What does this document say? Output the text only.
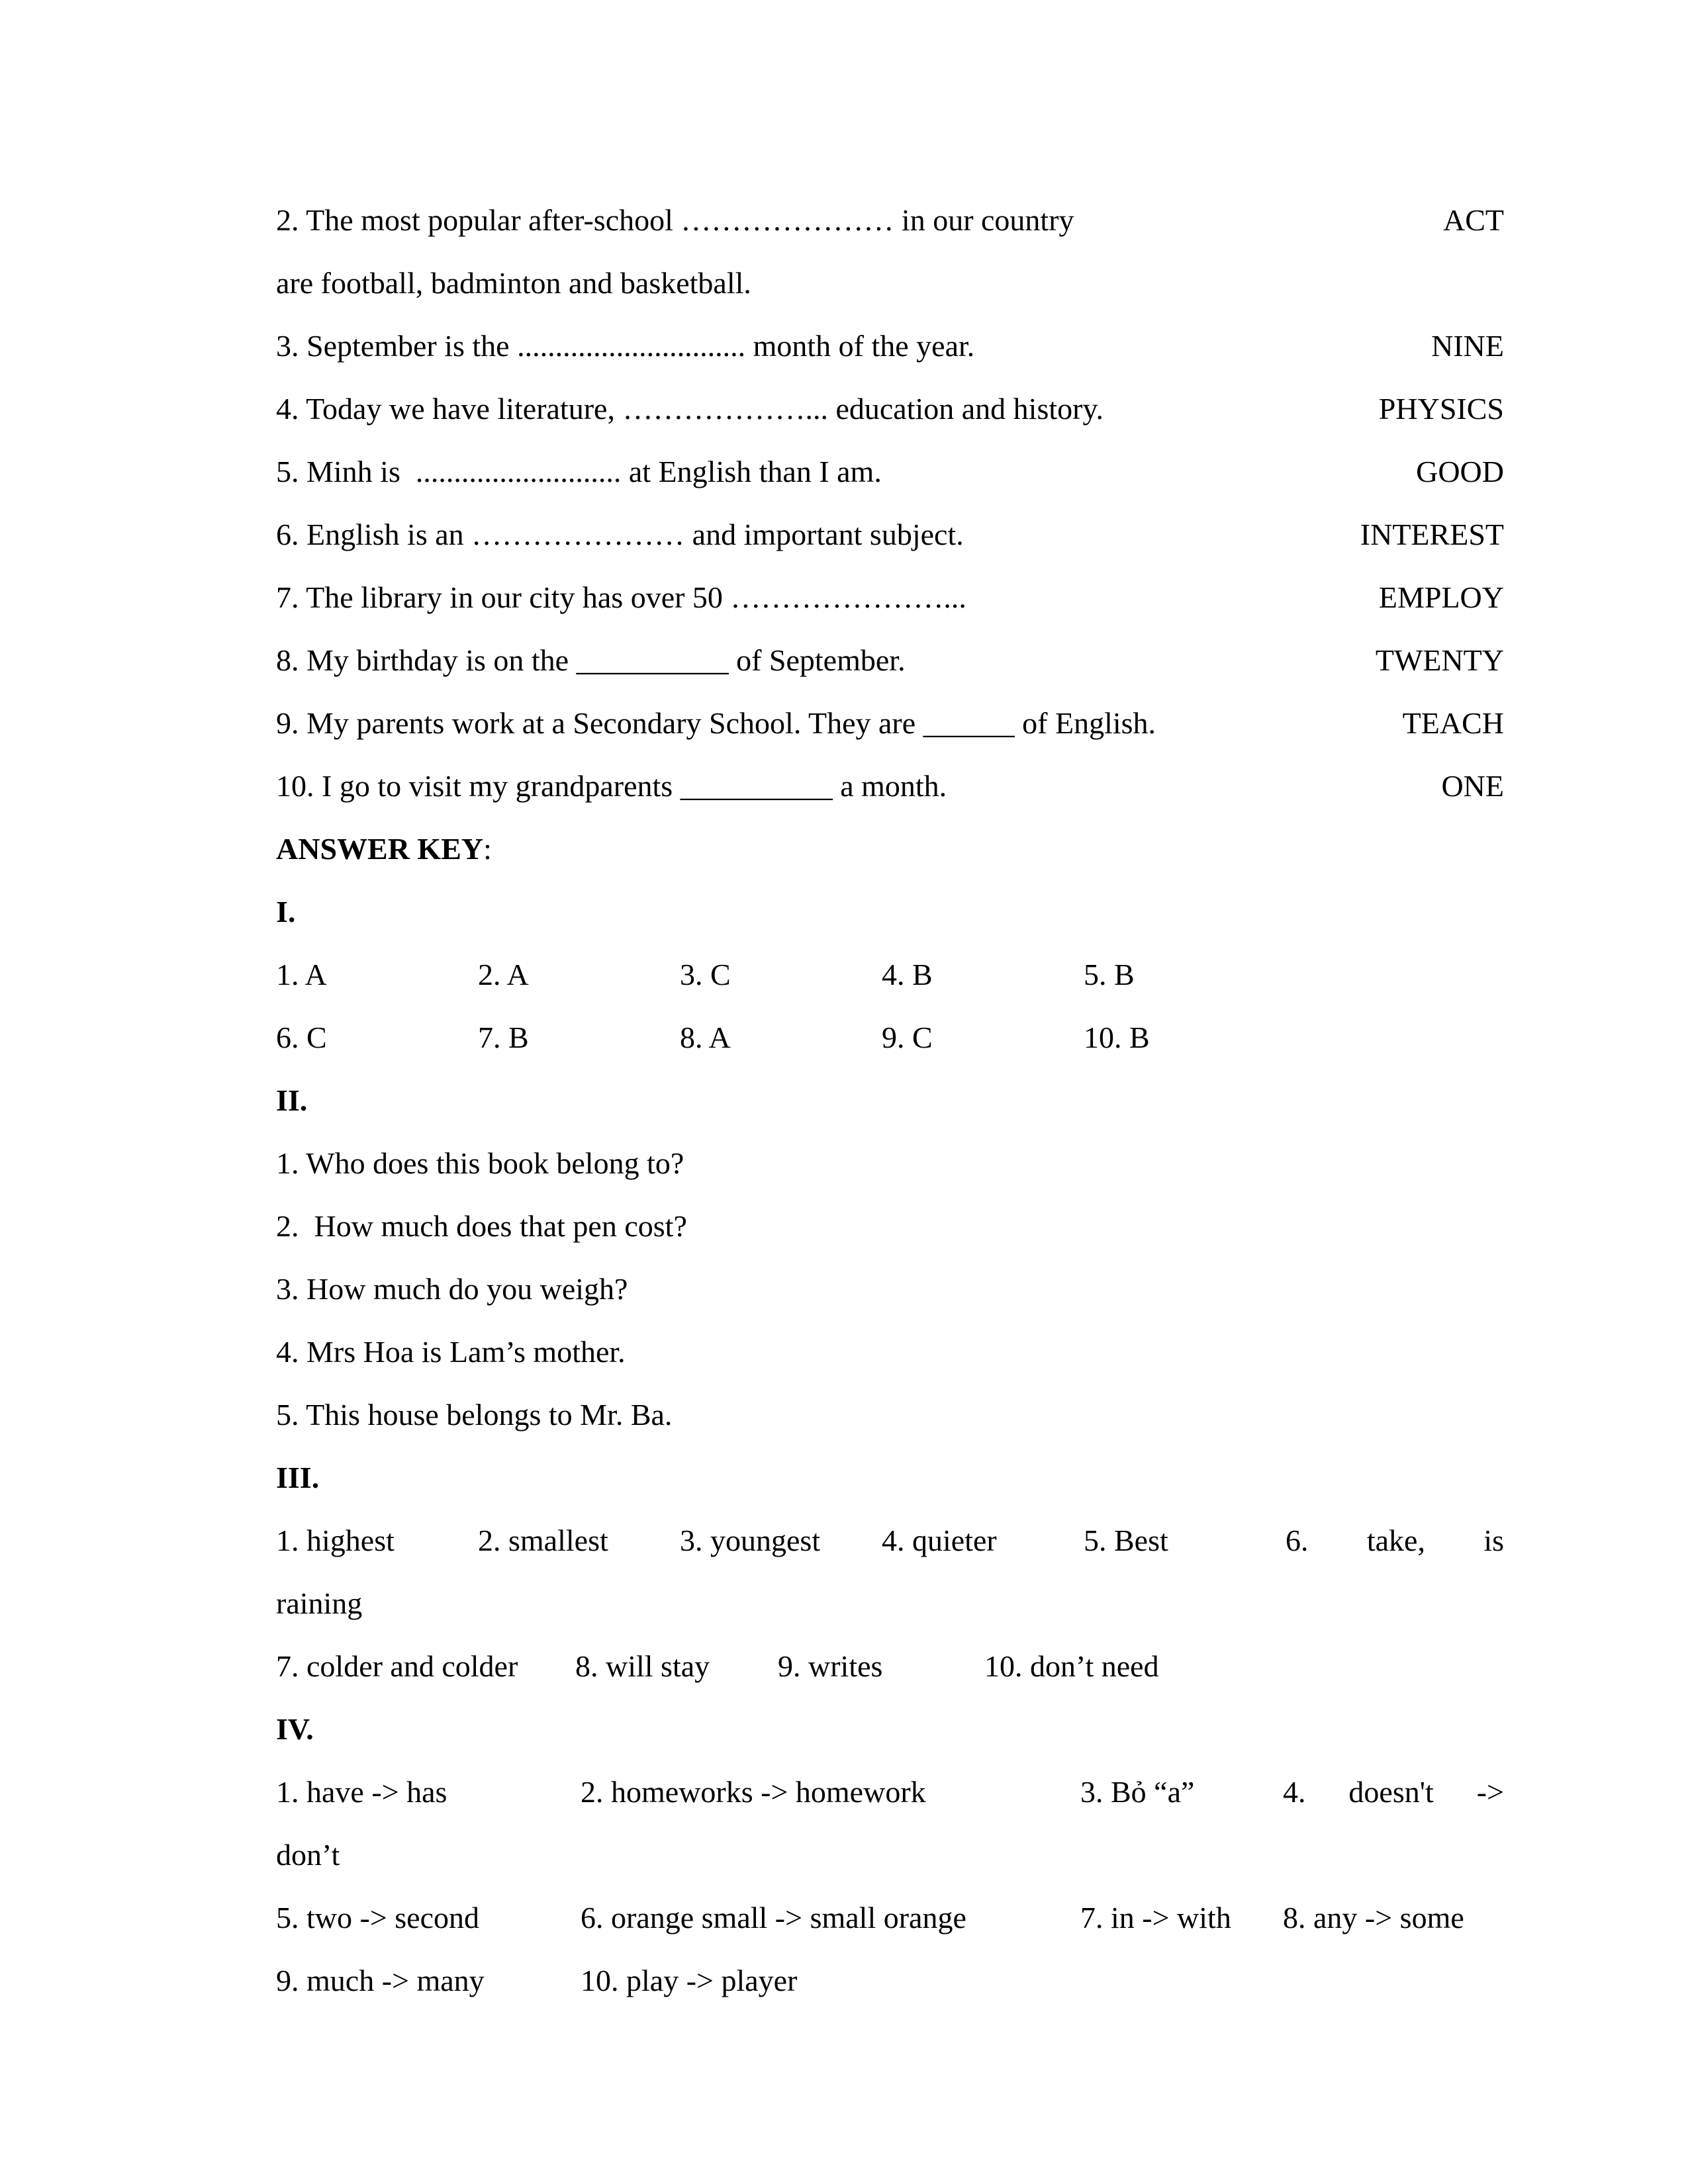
2. The most popular after-school ………………… in our country	ACT
are football, badminton and basketball.
3. September is the .............................. month of the year.	NINE
4. Today we have literature, ………………... education and history.	PHYSICS
5. Minh is  ........................... at English than I am.	GOOD
6. English is an ………………… and important subject.	INTEREST
7. The library in our city has over 50 …………………...	EMPLOY
8. My birthday is on the __________ of September.	TWENTY
9. My parents work at a Secondary School. They are ______ of English.	TEACH
10. I go to visit my grandparents __________ a month.	ONE
ANSWER KEY:
I.
1. A	2. A	3. C	4. B	5. B
6. C	7. B	8. A	9. C	10. B
II.
1. Who does this book belong to?
2.  How much does that pen cost?
3. How much do you weigh?
4. Mrs Hoa is Lam’s mother.
5. This house belongs to Mr. Ba.
III.
1. highest	2. smallest	3. youngest	4. quieter	5. Best	6. take, is
raining
7. colder and colder	8. will stay	9. writes	10. don’t need
IV.
1. have -> has	2. homeworks -> homework	3. Bỏ “a”	4. doesn't ->
don’t
5. two -> second	6. orange small -> small orange	7. in -> with	8. any -> some
9. much -> many	10. play -> player
